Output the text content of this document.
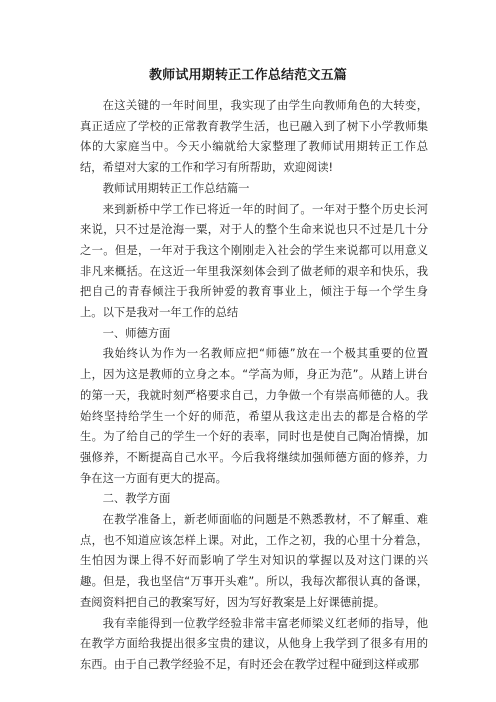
教师试用期转正工作总结范文五篇

在这关键的一年时间里，我实现了由学生向教师角色的大转变，真正适应了学校的正常教育教学生活，也已融入到了树下小学教师集体的大家庭当中。今天小编就给大家整理了教师试用期转正工作总结，希望对大家的工作和学习有所帮助，欢迎阅读!

教师试用期转正工作总结篇一

来到新桥中学工作已将近一年的时间了。一年对于整个历史长河来说，只不过是沧海一粟，对于人的整个生命来说也只不过是几十分之一。但是，一年对于我这个刚刚走入社会的学生来说都可以用意义非凡来概括。在这近一年里我深刻体会到了做老师的艰辛和快乐，我把自己的青春倾注于我所钟爱的教育事业上，倾注于每一个学生身上。以下是我对一年工作的总结

一、师德方面

我始终认为作为一名教师应把“师德”放在一个极其重要的位置上，因为这是教师的立身之本。“学高为师，身正为范”。从踏上讲台的第一天，我就时刻严格要求自己，力争做一个有崇高师德的人。我始终坚持给学生一个好的师范，希望从我这走出去的都是合格的学生。为了给自己的学生一个好的表率，同时也是使自己陶冶情操，加强修养，不断提高自己水平。今后我将继续加强师德方面的修养，力争在这一方面有更大的提高。

二、教学方面

在教学准备上，新老师面临的问题是不熟悉教材，不了解重、难点，也不知道应该怎样上课。对此，工作之初，我的心里十分着急，生怕因为课上得不好而影响了学生对知识的掌握以及对这门课的兴趣。但是，我也坚信“万事开头难”。所以，我每次都很认真的备课，查阅资料把自己的教案写好，因为写好教案是上好课德前提。

我有幸能得到一位教学经验非常丰富老师梁义红老师的指导，他在教学方面给我提出很多宝贵的建议，从他身上我学到了很多有用的东西。由于自己教学经验不足，有时还会在教学过程中碰到这样或那
